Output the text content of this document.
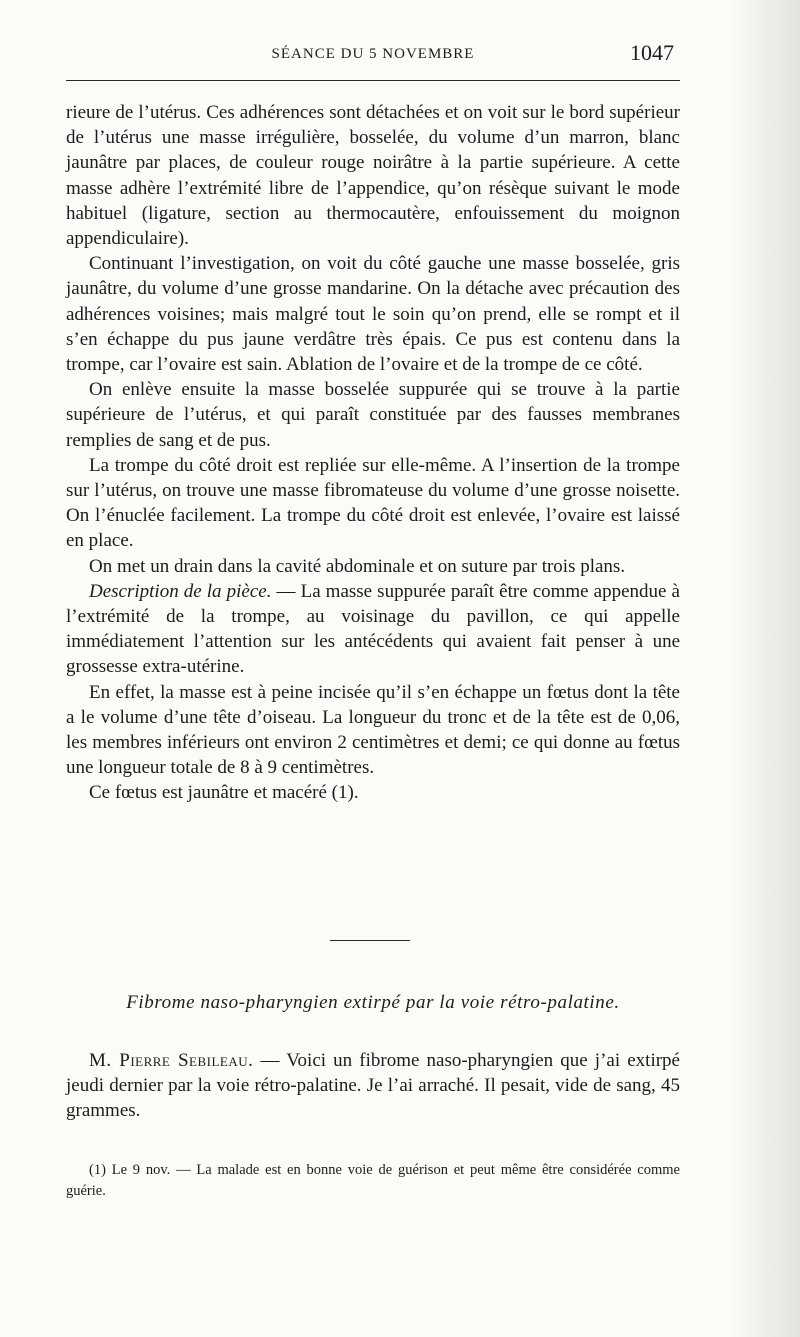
SÉANCE DU 5 NOVEMBRE	1047

rieure de l’utérus. Ces adhérences sont détachées et on voit sur le bord supérieur de l’utérus une masse irrégulière, bosselée, du volume d’un marron, blanc jaunâtre par places, de couleur rouge noirâtre à la partie supérieure. A cette masse adhère l’extrémité libre de l’appendice, qu’on résèque suivant le mode habituel (ligature, section au thermocautère, enfouissement du moignon appendiculaire).

Continuant l’investigation, on voit du côté gauche une masse bosselée, gris jaunâtre, du volume d’une grosse mandarine. On la détache avec précaution des adhérences voisines; mais malgré tout le soin qu’on prend, elle se rompt et il s’en échappe du pus jaune verdâtre très épais. Ce pus est contenu dans la trompe, car l’ovaire est sain. Ablation de l’ovaire et de la trompe de ce côté.

On enlève ensuite la masse bosselée suppurée qui se trouve à la partie supérieure de l’utérus, et qui paraît constituée par des fausses membranes remplies de sang et de pus.

La trompe du côté droit est repliée sur elle-même. A l’insertion de la trompe sur l’utérus, on trouve une masse fibromateuse du volume d’une grosse noisette. On l’énuclée facilement. La trompe du côté droit est enlevée, l’ovaire est laissé en place.

On met un drain dans la cavité abdominale et on suture par trois plans.

Description de la pièce. — La masse suppurée paraît être comme appendue à l’extrémité de la trompe, au voisinage du pavillon, ce qui appelle immédiatement l’attention sur les antécédents qui avaient fait penser à une grossesse extra-utérine.

En effet, la masse est à peine incisée qu’il s’en échappe un fœtus dont la tête a le volume d’une tête d’oiseau. La longueur du tronc et de la tête est de 0,06, les membres inférieurs ont environ 2 centimètres et demi; ce qui donne au fœtus une longueur totale de 8 à 9 centimètres.

Ce fœtus est jaunâtre et macéré (1).

Fibrome naso-pharyngien extirpé par la voie rétro-palatine.

M. Pierre Sebileau. — Voici un fibrome naso-pharyngien que j’ai extirpé jeudi dernier par la voie rétro-palatine. Je l’ai arraché. Il pesait, vide de sang, 45 grammes.

(1) Le 9 nov. — La malade est en bonne voie de guérison et peut même être considérée comme guérie.
